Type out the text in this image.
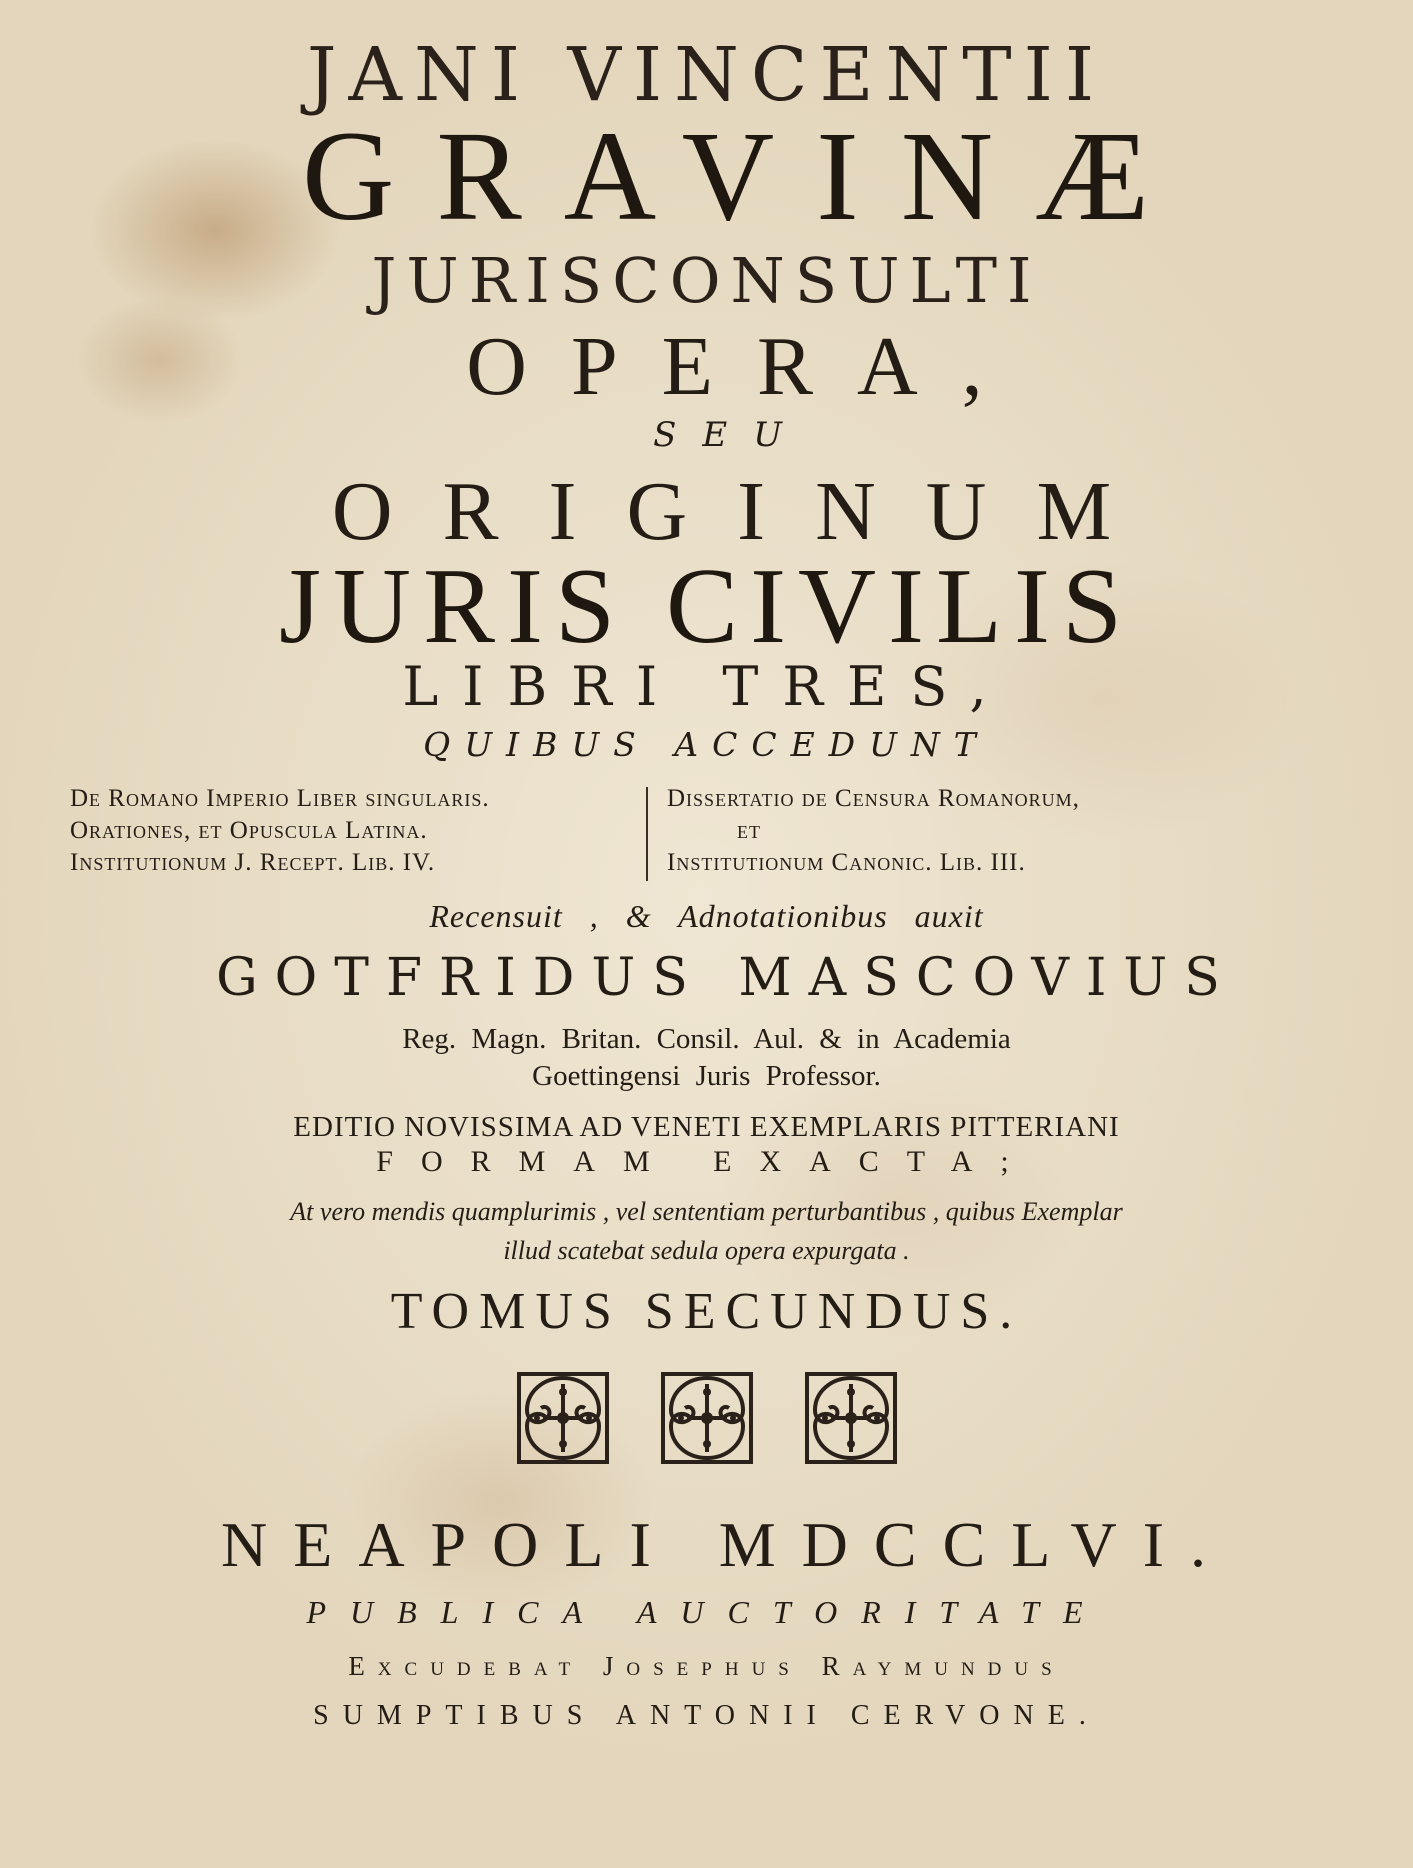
JANI VINCENTII
GRAVINÆ
JURISCONSULTI
OPERA,
SEU
ORIGINUM
JURIS CIVILIS
LIBRI TRES,
QUIBUS ACCEDUNT
De Romano Imperio Liber singularis.
Orationes, et Opuscula Latina.
Institutionum J. Recept. Lib. IV.
Dissertatio de Censura Romanorum,
et
Institutionum Canonic. Lib. III.
Recensuit , & Adnotationibus auxit
GOTFRIDUS MASCOVIUS
Reg. Magn. Britan. Consil. Aul. & in Academia
Goettingensi Juris Professor.
EDITIO NOVISSIMA AD VENETI EXEMPLARIS PITTERIANI
FORMAM EXACTA;
At vero mendis quamplurimis , vel sententiam perturbantibus , quibus Exemplar
illud scatebat sedula opera expurgata .
TOMUS SECUNDUS.
NEAPOLI MDCCLVI.
PUBLICA AUCTORITATE
Excudebat Josephus Raymundus
SUMPTIBUS ANTONII CERVONE.
